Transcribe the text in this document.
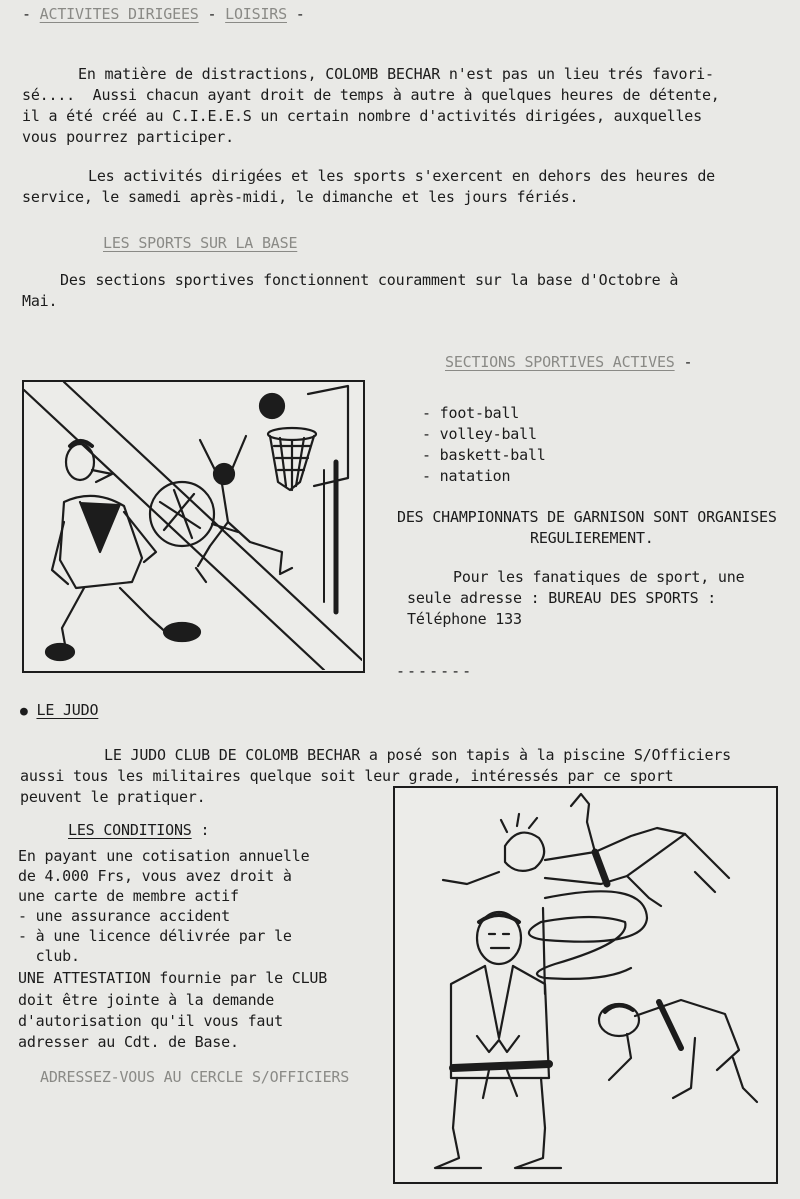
- ACTIVITES DIRIGEES - LOISIRS -
En matière de distractions, COLOMB BECHAR n'est pas un lieu trés favori-
sé....  Aussi chacun ayant droit de temps à autre à quelques heures de détente,
il a été créé au C.I.E.E.S un certain nombre d'activités dirigées, auxquelles
vous pourrez participer.
Les activités dirigées et les sports s'exercent en dehors des heures de
service, le samedi après-midi, le dimanche et les jours fériés.
LES SPORTS SUR LA BASE
Des sections sportives fonctionnent couramment sur la base d'Octobre à
Mai.
SECTIONS SPORTIVES ACTIVES -
- foot-ball
- volley-ball
- baskett-ball
- natation
DES CHAMPIONNATS DE GARNISON SONT ORGANISES
REGULIEREMENT.
Pour les fanatiques de sport, une
seule adresse : BUREAU DES SPORTS :
Téléphone 133
-------
● LE JUDO
LE JUDO CLUB DE COLOMB BECHAR a posé son tapis à la piscine S/Officiers
aussi tous les militaires quelque soit leur grade, intéressés par ce sport
peuvent le pratiquer.
LES CONDITIONS :
En payant une cotisation annuelle
de 4.000 Frs, vous avez droit à
une carte de membre actif
- une assurance accident
- à une licence délivrée par le
club.
UNE ATTESTATION fournie par le CLUB
doit être jointe à la demande
d'autorisation qu'il vous faut
adresser au Cdt. de Base.
ADRESSEZ-VOUS AU CERCLE S/OFFICIERS
